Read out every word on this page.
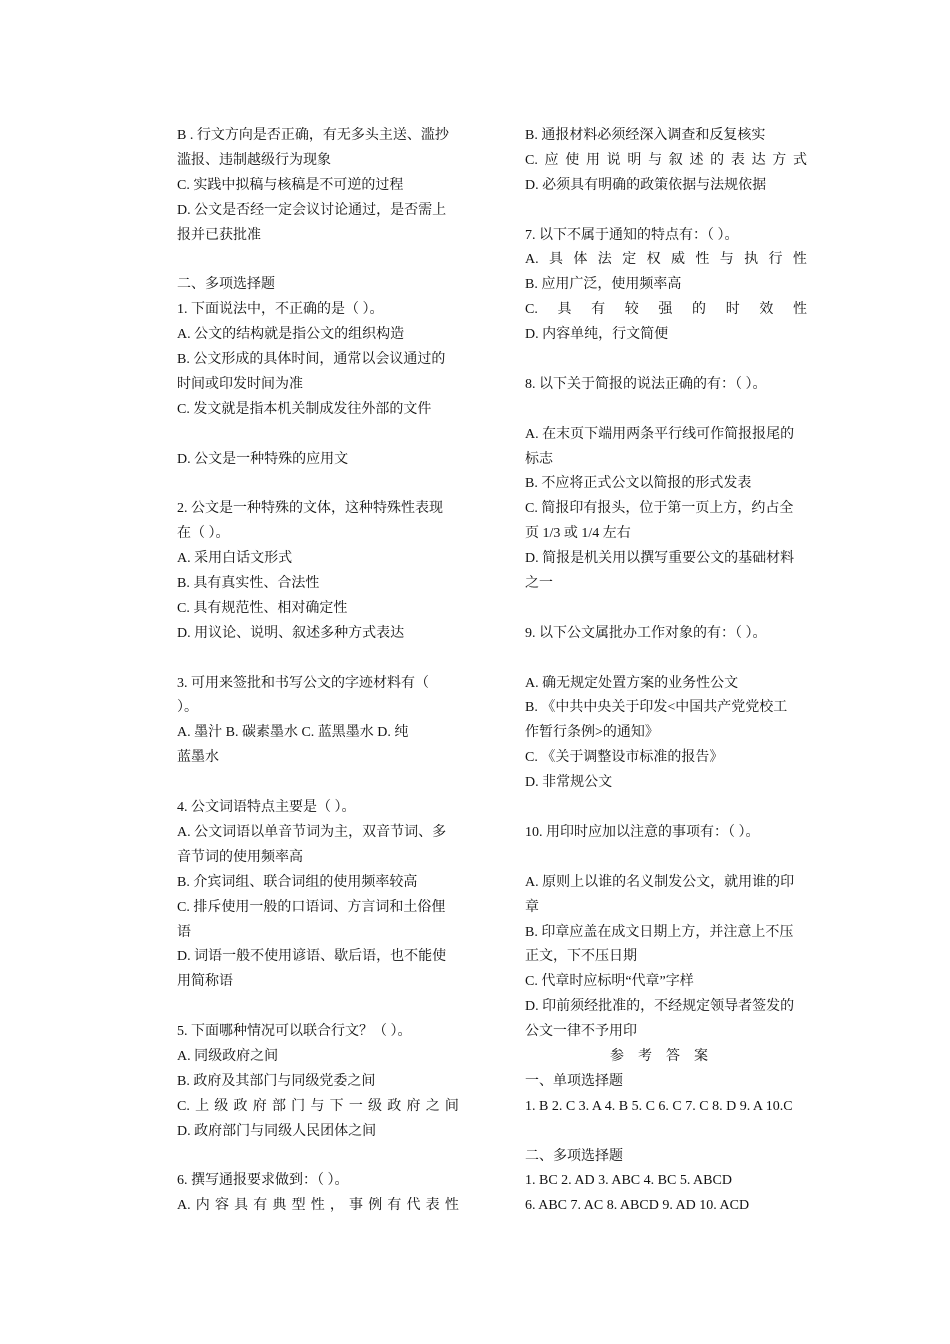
B . 行文方向是否正确，有无多头主送、滥抄
滥报、违制越级行为现象
C. 实践中拟稿与核稿是不可逆的过程
D. 公文是否经一定会议讨论通过，是否需上
报并已获批准
二、多项选择题
1. 下面说法中，不正确的是（ ）。
A. 公文的结构就是指公文的组织构造
B. 公文形成的具体时间，通常以会议通过的
时间或印发时间为准
C. 发文就是指本机关制成发往外部的文件
D. 公文是一种特殊的应用文
2. 公文是一种特殊的文体，这种特殊性表现
在（ ）。
A. 采用白话文形式
B. 具有真实性、合法性
C. 具有规范性、相对确定性
D. 用议论、说明、叙述多种方式表达
3. 可用来签批和书写公文的字迹材料有（
）。
A. 墨汁 B. 碳素墨水 C. 蓝黑墨水 D. 纯
蓝墨水
4. 公文词语特点主要是（ ）。
A. 公文词语以单音节词为主，双音节词、多
音节词的使用频率高
B. 介宾词组、联合词组的使用频率较高
C. 排斥使用一般的口语词、方言词和土俗俚
语
D. 词语一般不使用谚语、歇后语，也不能使
用简称语
5. 下面哪种情况可以联合行文？（ ）。
A. 同级政府之间
B. 政府及其部门与同级党委之间
C. 上 级 政 府 部 门 与 下 一 级 政 府 之 间
D. 政府部门与同级人民团体之间
6. 撰写通报要求做到：（ ）。
A. 内 容 具 有 典 型 性 ， 事 例 有 代 表 性
B. 通报材料必须经深入调查和反复核实
C. 应 使 用 说 明 与 叙 述 的 表 达 方 式
D. 必须具有明确的政策依据与法规依据
7. 以下不属于通知的特点有：（ ）。
A. 具 体 法 定 权 威 性 与 执 行 性
B. 应用广泛，使用频率高
C. 具 有 较 强 的 时 效 性
D. 内容单纯，行文简便
8. 以下关于简报的说法正确的有：（ ）。
A. 在末页下端用两条平行线可作简报报尾的
标志
B. 不应将正式公文以简报的形式发表
C. 简报印有报头，位于第一页上方，约占全
页 1/3 或 1/4 左右
D. 简报是机关用以撰写重要公文的基础材料
之一
9. 以下公文属批办工作对象的有：（ ）。
A. 确无规定处置方案的业务性公文
B. 《中共中央关于印发<中国共产党党校工
作暂行条例>的通知》
C. 《关于调整设市标准的报告》
D. 非常规公文
10. 用印时应加以注意的事项有：（ ）。
A. 原则上以谁的名义制发公文，就用谁的印
章
B. 印章应盖在成文日期上方，并注意上不压
正文，下不压日期
C. 代章时应标明“代章”字样
D. 印前须经批准的，不经规定领导者签发的
公文一律不予用印
参考答案
一、单项选择题
1. B 2. C 3. A 4. B 5. C 6. C 7. C 8. D 9. A 10.C
二、多项选择题
1. BC 2. AD 3. ABC 4. BC 5. ABCD
6. ABC 7. AC 8. ABCD 9. AD 10. ACD
